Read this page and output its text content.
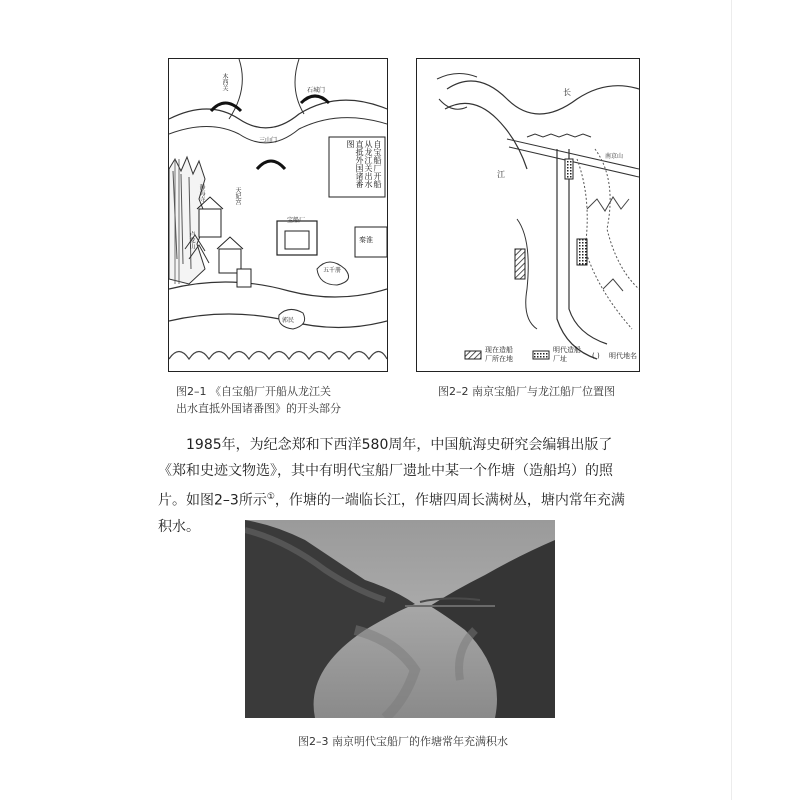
自宝船厂开船从龙江关出水直抵外国诸番图
木西关	石城门
三山门
宝船厂
静海寺	天妃宫
卢龙山
五千册
郭民
秦淮
( )
长
江
南京山
现在造船
厂所在地
明代造船
厂址	明代地名
图2–1 《自宝船厂开船从龙江关
出水直抵外国诸番图》的开头部分
图2–2 南京宝船厂与龙江船厂位置图

1985年，为纪念郑和下西洋580周年，中国航海史研究会编辑出版了《郑和史迹文物选》，其中有明代宝船厂遗址中某一个作塘（造船坞）的照片。如图2–3所示①，作塘的一端临长江，作塘四周长满树丛，塘内常年充满积水。

图2–3 南京明代宝船厂的作塘常年充满积水
